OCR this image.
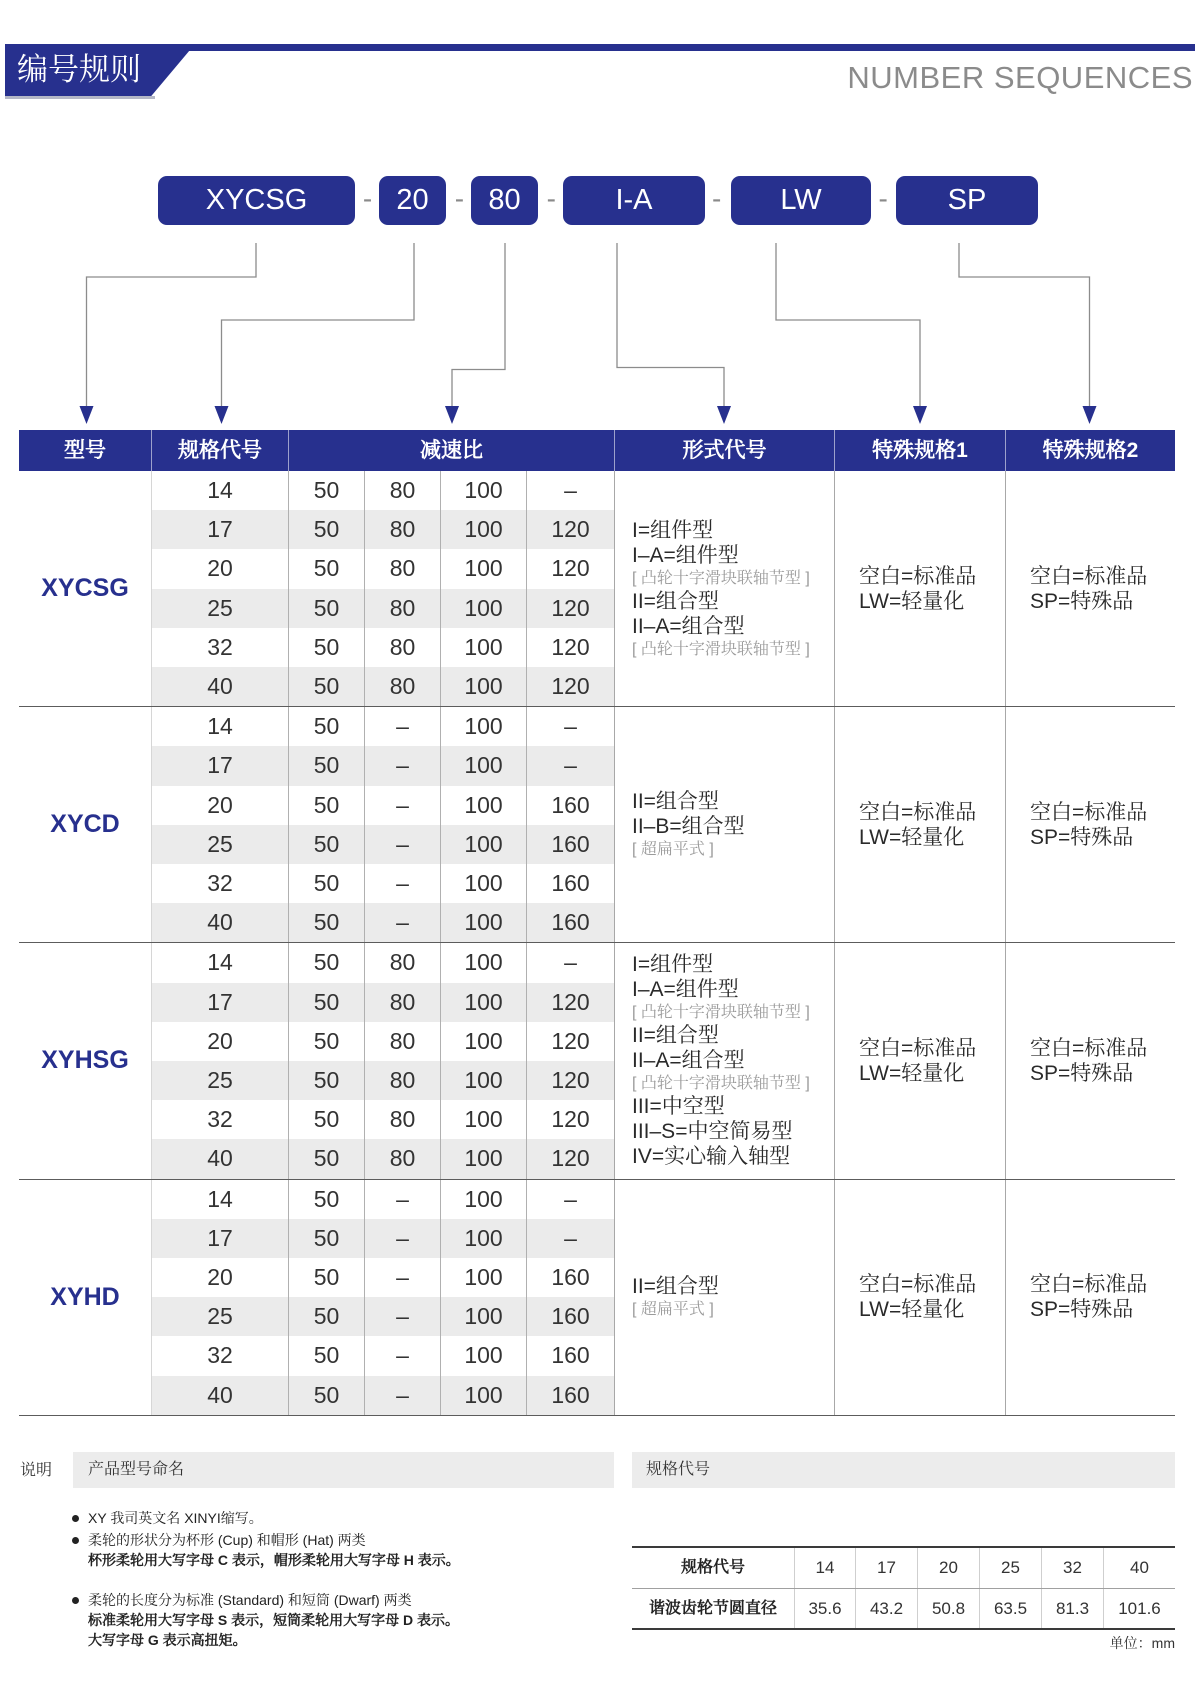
编号规则	NUMBER SEQUENCES
XYCSG	- 20 - 80 -	I-A	-	LW	-	SP
型号	规格代号	减速比	形式代号	特殊规格1	特殊规格2
XYCSG
14	50	80	100	–
17	50	80	100	120
20	50	80	100	120
25	50	80	100	120
32	50	80	100	120
40	50	80	100	120
I=组件型
I–A=组件型
[ 凸轮十字滑块联轴节型 ]
II=组合型
II–A=组合型
[ 凸轮十字滑块联轴节型 ]
空白=标准品
LW=轻量化
空白=标准品
SP=特殊品
XYCD
14	50	–	100	–
17	50	–	100	–
20	50	–	100	160
25	50	–	100	160
32	50	–	100	160
40	50	–	100	160
II=组合型
II–B=组合型
[ 超扁平式 ]
空白=标准品
LW=轻量化
空白=标准品
SP=特殊品
XYHSG
14	50	80	100	–
17	50	80	100	120
20	50	80	100	120
25	50	80	100	120
32	50	80	100	120
40	50	80	100	120
I=组件型
I–A=组件型
[ 凸轮十字滑块联轴节型 ]
II=组合型
II–A=组合型
[ 凸轮十字滑块联轴节型 ]
III=中空型
III–S=中空简易型
IV=实心输入轴型
空白=标准品
LW=轻量化
空白=标准品
SP=特殊品
XYHD
14	50	–	100	–
17	50	–	100	–
20	50	–	100	160
25	50	–	100	160
32	50	–	100	160
40	50	–	100	160
II=组合型
[ 超扁平式 ]
空白=标准品
LW=轻量化
空白=标准品
SP=特殊品
说明	产品型号命名	规格代号
XY 我司英文名 XINYI缩写。
柔轮的形状分为杯形 (Cup) 和帽形 (Hat) 两类
杯形柔轮用大写字母 C 表示，帽形柔轮用大写字母 H 表示。
柔轮的长度分为标准 (Standard) 和短筒 (Dwarf) 两类
标准柔轮用大写字母 S 表示，短筒柔轮用大写字母 D 表示。
大写字母 G 表示高扭矩。
规格代号	14	17	20	25	32	40
谐波齿轮节圆直径	35.6	43.2	50.8	63.5	81.3	101.6
单位：mm
